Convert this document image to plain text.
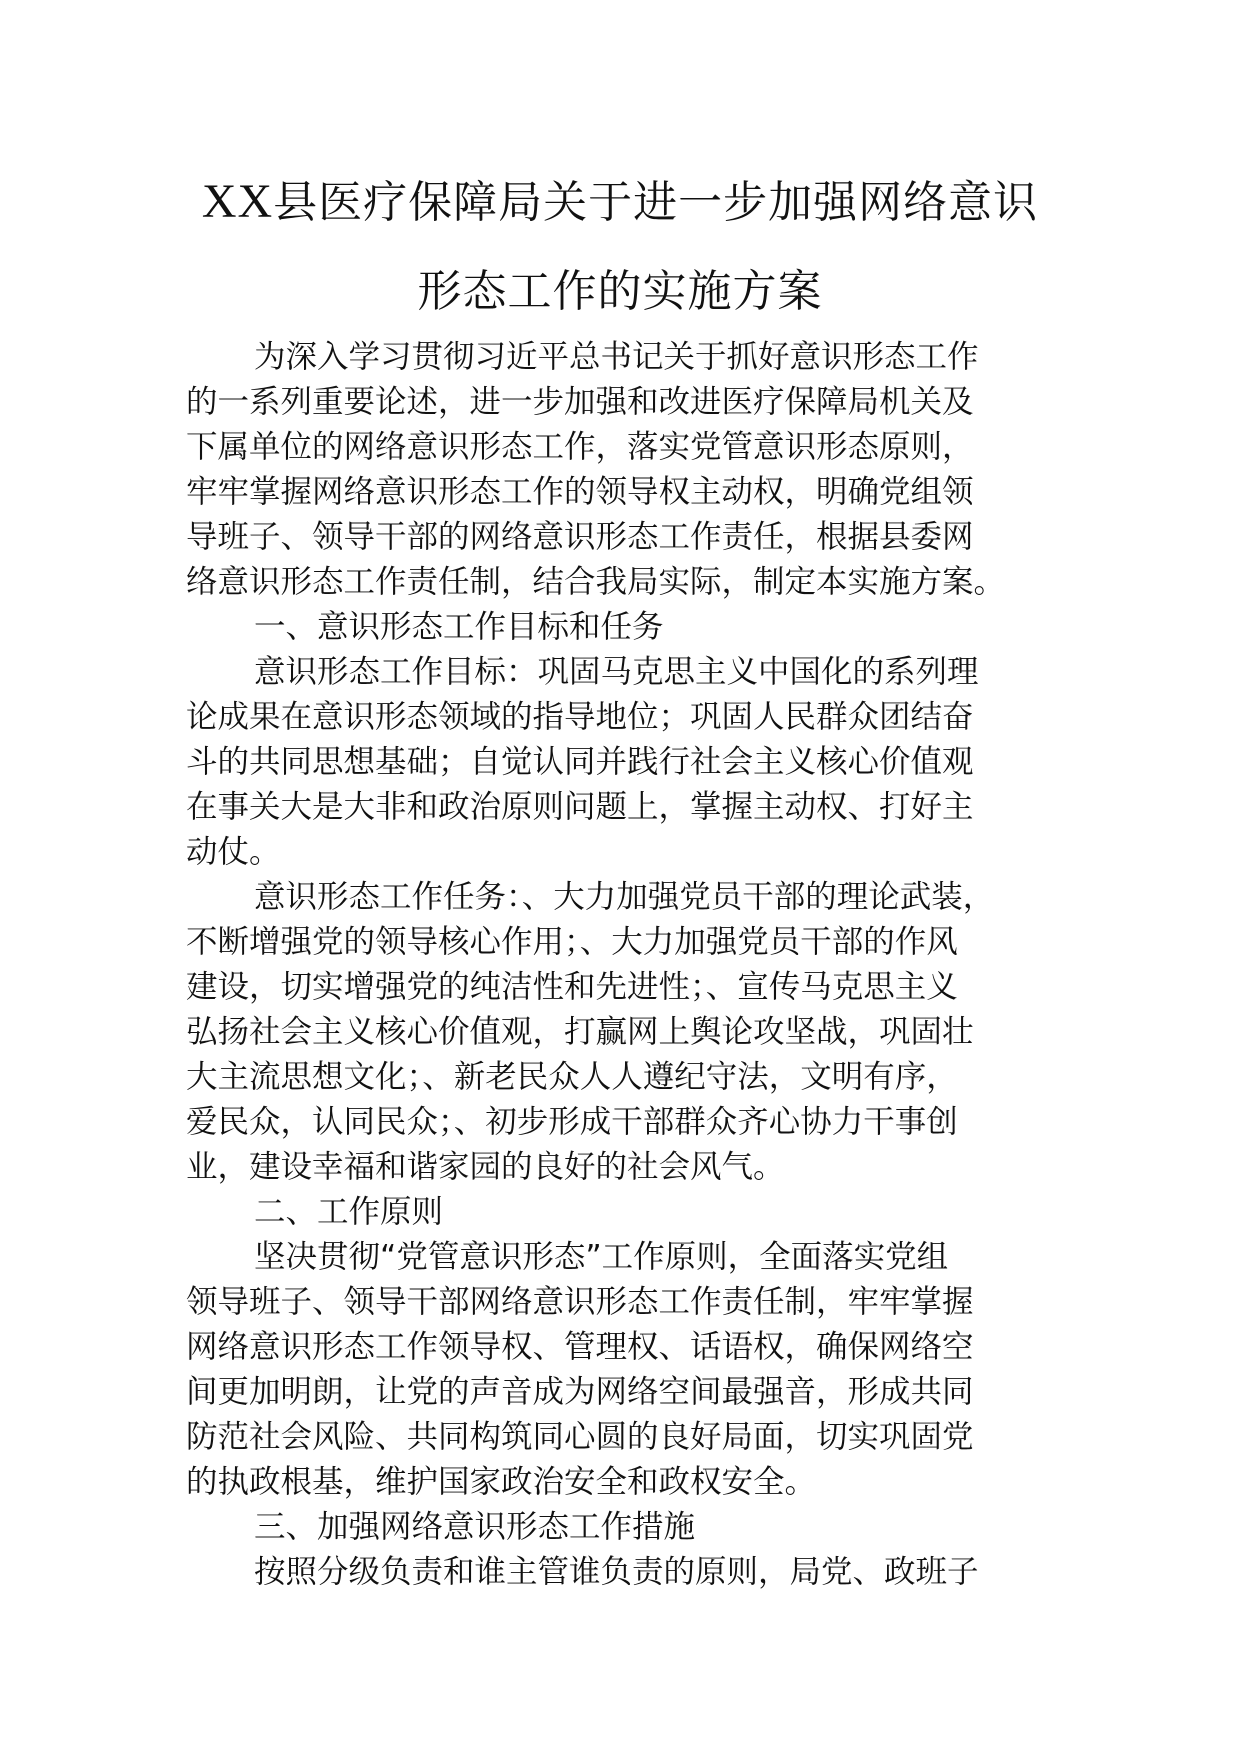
XX县医疗保障局关于进一步加强网络意识
形态工作的实施方案
为深入学习贯彻习近平总书记关于抓好意识形态工作
的一系列重要论述，进一步加强和改进医疗保障局机关及
下属单位的网络意识形态工作，落实党管意识形态原则，
牢牢掌握网络意识形态工作的领导权主动权，明确党组领
导班子、领导干部的网络意识形态工作责任，根据县委网
络意识形态工作责任制，结合我局实际，制定本实施方案。
一、意识形态工作目标和任务
意识形态工作目标：巩固马克思主义中国化的系列理
论成果在意识形态领域的指导地位；巩固人民群众团结奋
斗的共同思想基础；自觉认同并践行社会主义核心价值观
在事关大是大非和政治原则问题上，掌握主动权、打好主
动仗。
意识形态工作任务：、大力加强党员干部的理论武装，
不断增强党的领导核心作用；、大力加强党员干部的作风
建设，切实增强党的纯洁性和先进性；、宣传马克思主义
弘扬社会主义核心价值观，打赢网上舆论攻坚战，巩固壮
大主流思想文化；、新老民众人人遵纪守法，文明有序，
爱民众，认同民众；、初步形成干部群众齐心协力干事创
业，建设幸福和谐家园的良好的社会风气。
二、工作原则
坚决贯彻“党管意识形态”工作原则，全面落实党组
领导班子、领导干部网络意识形态工作责任制，牢牢掌握
网络意识形态工作领导权、管理权、话语权，确保网络空
间更加明朗，让党的声音成为网络空间最强音，形成共同
防范社会风险、共同构筑同心圆的良好局面，切实巩固党
的执政根基，维护国家政治安全和政权安全。
三、加强网络意识形态工作措施
按照分级负责和谁主管谁负责的原则，局党、政班子
